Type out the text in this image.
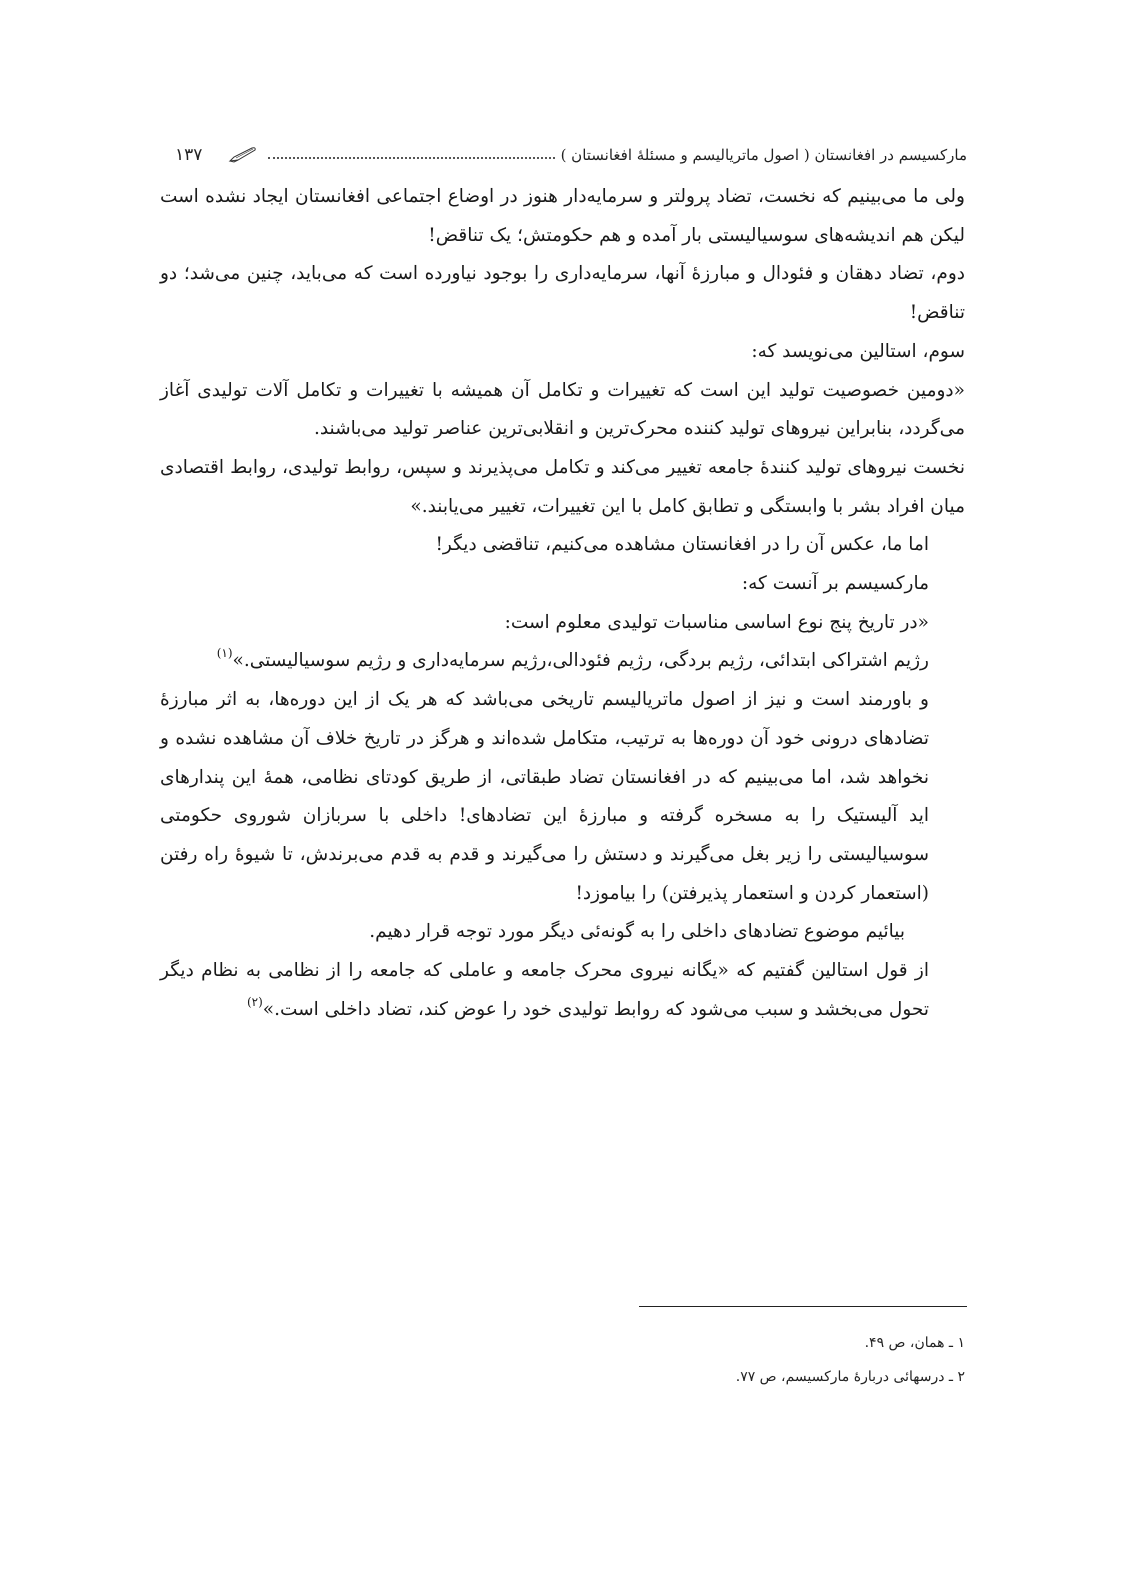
مارکسیسم در افغانستان ( اصول ماتریالیسم و مسئلهٔ افغانستان )
۱۳۷

ولی ما می‌بینیم که نخست، تضاد پرولتر و سرمایه‌دار هنوز در اوضاع اجتماعی افغانستان ایجاد نشده است لیکن هم اندیشه‌های سوسیالیستی بار آمده و هم حکومتش؛ یک تناقض!

دوم، تضاد دهقان و فئودال و مبارزهٔ آنها، سرمایه‌داری را بوجود نیاورده است که می‌باید، چنین می‌شد؛ دو تناقض!

سوم، استالین می‌نویسد که:

«دومین خصوصیت تولید این است که تغییرات و تکامل آن همیشه با تغییرات و تکامل آلات تولیدی آغاز می‌گردد، بنابراین نیروهای تولید کننده محرک‌ترین و انقلابی‌ترین عناصر تولید می‌باشند.

نخست نیروهای تولید کنندهٔ جامعه تغییر می‌کند و تکامل می‌پذیرند و سپس، روابط تولیدی، روابط اقتصادی میان افراد بشر با وابستگی و تطابق کامل با این تغییرات، تغییر می‌یابند.»

اما ما، عکس آن را در افغانستان مشاهده می‌کنیم، تناقضی دیگر!

مارکسیسم بر آنست که:

«در تاریخ پنج نوع اساسی مناسبات تولیدی معلوم است:

رژیم اشتراکی ابتدائی، رژیم بردگی، رژیم فئودالی،رژیم سرمایه‌داری و رژیم سوسیالیستی.»$^{(۱)}$

و باورمند است و نیز از اصول ماتریالیسم تاریخی می‌باشد که هر یک از این دوره‌ها، به اثر مبارزهٔ تضادهای درونی خود آن دوره‌ها به ترتیب، متکامل شده‌اند و هرگز در تاریخ خلاف آن مشاهده نشده و نخواهد شد، اما می‌بینیم که در افغانستان تضاد طبقاتی، از طریق کودتای نظامی، همهٔ این پندارهای اید آلیستیک را به مسخره گرفته و مبارزهٔ این تضادهای! داخلی با سربازان شوروی حکومتی سوسیالیستی را زیر بغل می‌گیرند و دستش را می‌گیرند و قدم به قدم می‌برندش، تا شیوهٔ راه رفتن (استعمار کردن و استعمار پذیرفتن) را بیاموزد!

بیائیم موضوع تضادهای داخلی را به گونه‌ئی دیگر مورد توجه قرار دهیم.

از قول استالین گفتیم که «یگانه نیروی محرک جامعه و عاملی که جامعه را از نظامی به نظام دیگر تحول می‌بخشد و سبب می‌شود که روابط تولیدی خود را عوض کند، تضاد داخلی است.»$^{(۲)}$

۱ ـ همان، ص ۴۹.

۲ ـ درسهائی دربارهٔ مارکسیسم، ص ۷۷.
